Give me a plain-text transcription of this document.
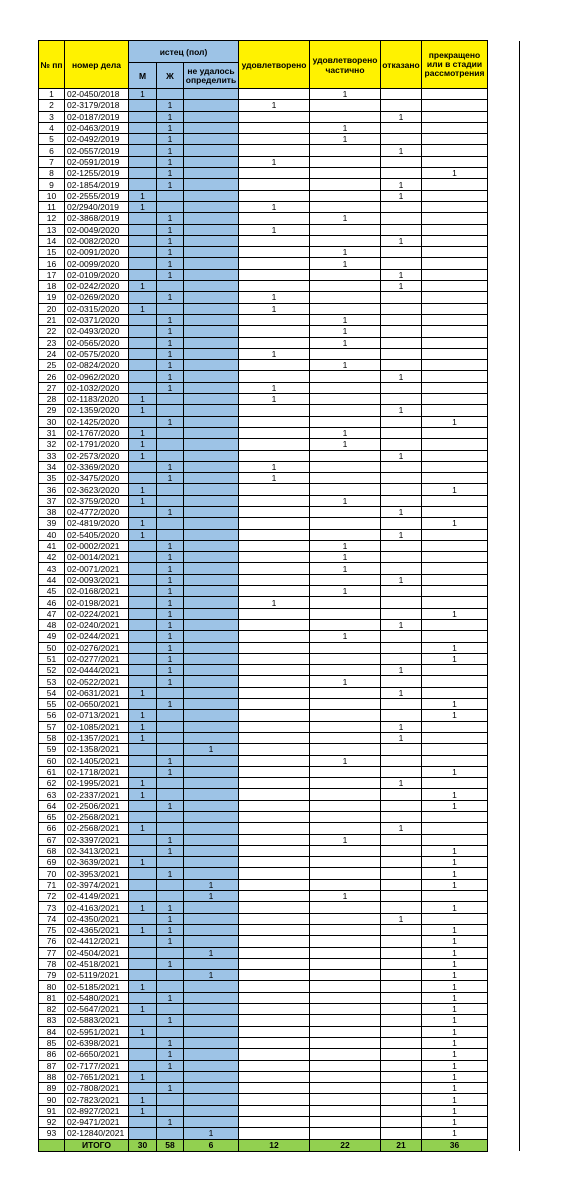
№ пп	номер дела	истец (пол)			удовлетворено	удовлетворено частично	отказано	прекращено или в стадии рассмотрения	
		М	Ж	не удалось определить					
1	02-0450/2018	1				1			
2	02-3179/2018		1		1				
3	02-0187/2019		1				1		
4	02-0463/2019		1			1			
5	02-0492/2019		1			1			
6	02-0557/2019		1				1		
7	02-0591/2019		1		1				
8	02-1255/2019		1					1	
9	02-1854/2019		1				1		
10	02-2555/2019	1					1		
11	02/2940/2019	1			1				
12	02-3868/2019		1			1			
13	02-0049/2020		1		1				
14	02-0082/2020		1				1		
15	02-0091/2020		1			1			
16	02-0099/2020		1			1			
17	02-0109/2020		1				1		
18	02-0242/2020	1					1		
19	02-0269/2020		1		1				
20	02-0315/2020	1			1				
21	02-0371/2020		1			1			
22	02-0493/2020		1			1			
23	02-0565/2020		1			1			
24	02-0575/2020		1		1				
25	02-0824/2020		1			1			
26	02-0962/2020		1				1		
27	02-1032/2020		1		1				
28	02-1183/2020	1			1				
29	02-1359/2020	1					1		
30	02-1425/2020		1					1	
31	02-1767/2020	1				1			
32	02-1791/2020	1				1			
33	02-2573/2020	1					1		
34	02-3369/2020		1		1				
35	02-3475/2020		1		1				
36	02-3623/2020	1						1	
37	02-3759/2020	1				1			
38	02-4772/2020		1				1		
39	02-4819/2020	1						1	
40	02-5405/2020	1					1		
41	02-0002/2021		1			1			
42	02-0014/2021		1			1			
43	02-0071/2021		1			1			
44	02-0093/2021		1				1		
45	02-0168/2021		1			1			
46	02-0198/2021		1		1				
47	02-0224/2021		1					1	
48	02-0240/2021		1				1		
49	02-0244/2021		1			1			
50	02-0276/2021		1					1	
51	02-0277/2021		1					1	
52	02-0444/2021		1				1		
53	02-0522/2021		1			1			
54	02-0631/2021	1					1		
55	02-0650/2021		1					1	
56	02-0713/2021	1						1	
57	02-1085/2021	1					1		
58	02-1357/2021	1					1		
59	02-1358/2021			1					
60	02-1405/2021		1			1			
61	02-1718/2021		1					1	
62	02-1995/2021	1					1		
63	02-2337/2021	1						1	
64	02-2506/2021		1					1	
65	02-2568/2021								
66	02-2568/2021	1					1		
67	02-3397/2021		1			1			
68	02-3413/2021		1					1	
69	02-3639/2021	1						1	
70	02-3953/2021		1					1	
71	02-3974/2021			1				1	
72	02-4149/2021			1		1			
73	02-4163/2021	1	1					1	
74	02-4350/2021		1				1		
75	02-4365/2021	1	1					1	
76	02-4412/2021		1					1	
77	02-4504/2021			1				1	
78	02-4518/2021		1					1	
79	02-5119/2021			1				1	
80	02-5185/2021	1						1	
81	02-5480/2021		1					1	
82	02-5647/2021	1						1	
83	02-5883/2021		1					1	
84	02-5951/2021	1						1	
85	02-6398/2021		1					1	
86	02-6650/2021		1					1	
87	02-7177/2021		1					1	
88	02-7651/2021	1						1	
89	02-7808/2021		1					1	
90	02-7823/2021	1						1	
91	02-8927/2021	1						1	
92	02-9471/2021		1					1	
93	02-12840/2021			1				1	
	ИТОГО	30	58	6	12	22	21	36	
